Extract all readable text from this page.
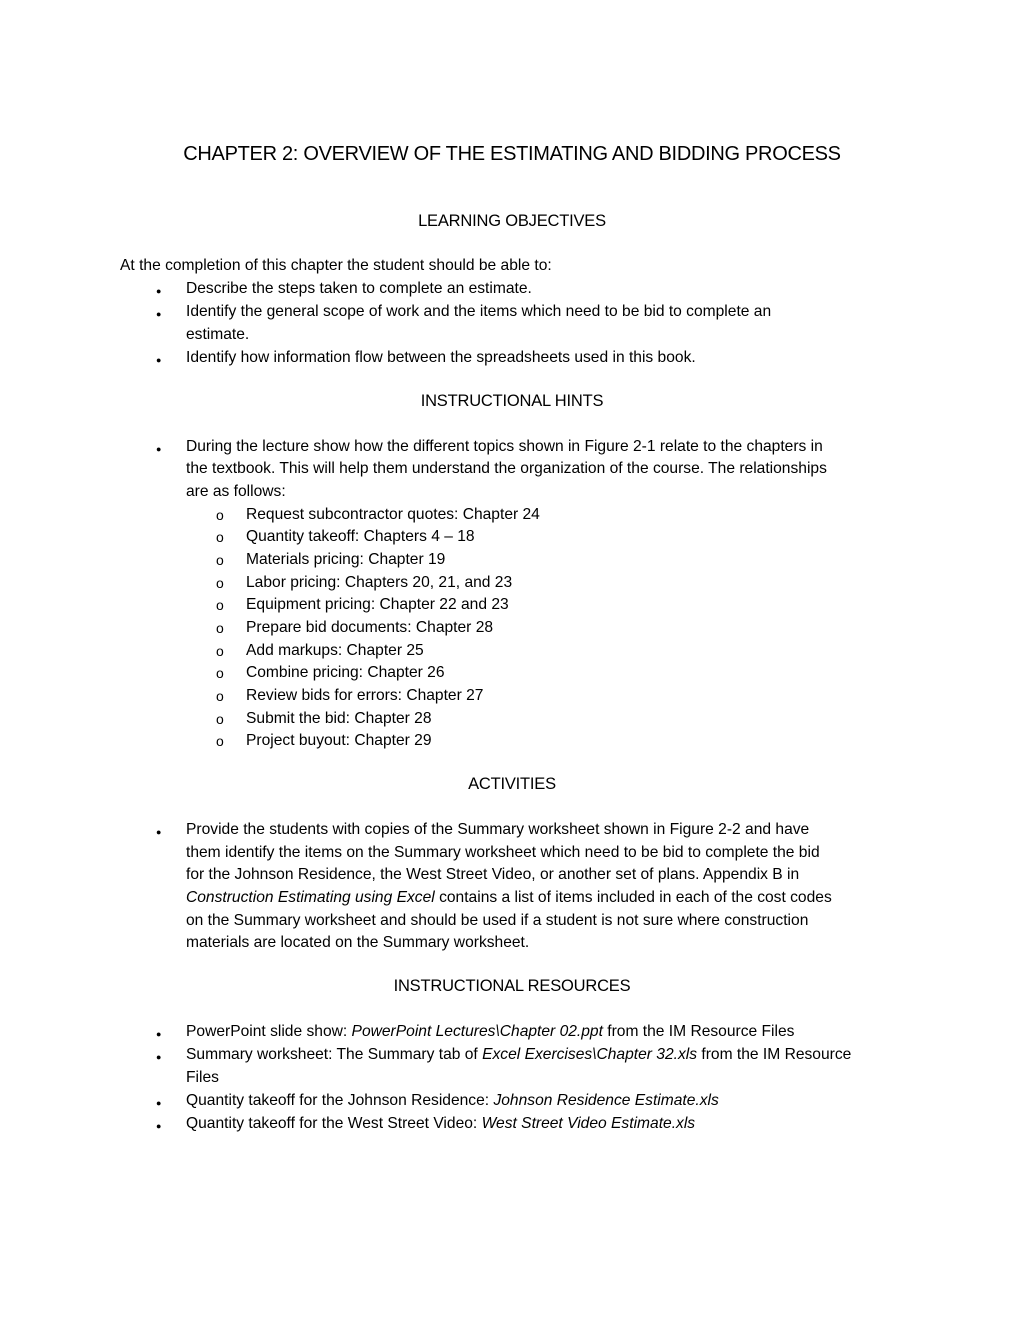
CHAPTER 2: OVERVIEW OF THE ESTIMATING AND BIDDING PROCESS
LEARNING OBJECTIVES
At the completion of this chapter the student should be able to:
●
Describe the steps taken to complete an estimate.
●
Identify the general scope of work and the items which need to be bid to complete an
estimate.
●
Identify how information flow between the spreadsheets used in this book.
INSTRUCTIONAL HINTS
●
During the lecture show how the different topics shown in Figure 2-1 relate to the chapters in
the textbook. This will help them understand the organization of the course. The relationships
are as follows:
o Request subcontractor quotes: Chapter 24
o Quantity takeoff: Chapters 4 – 18
o Materials pricing: Chapter 19
o Labor pricing: Chapters 20, 21, and 23
o Equipment pricing: Chapter 22 and 23
o Prepare bid documents: Chapter 28
o Add markups: Chapter 25
o Combine pricing: Chapter 26
o Review bids for errors: Chapter 27
o Submit the bid: Chapter 28
o Project buyout: Chapter 29
ACTIVITIES
●
Provide the students with copies of the Summary worksheet shown in Figure 2-2 and have
them identify the items on the Summary worksheet which need to be bid to complete the bid
for the Johnson Residence, the West Street Video, or another set of plans. Appendix B in
Construction Estimating using Excel contains a list of items included in each of the cost codes
on the Summary worksheet and should be used if a student is not sure where construction
materials are located on the Summary worksheet.
INSTRUCTIONAL RESOURCES
●
PowerPoint slide show: PowerPoint Lectures\Chapter 02.ppt from the IM Resource Files
●
Summary worksheet: The Summary tab of Excel Exercises\Chapter 32.xls from the IM Resource
Files
●
Quantity takeoff for the Johnson Residence: Johnson Residence Estimate.xls
●
Quantity takeoff for the West Street Video: West Street Video Estimate.xls
